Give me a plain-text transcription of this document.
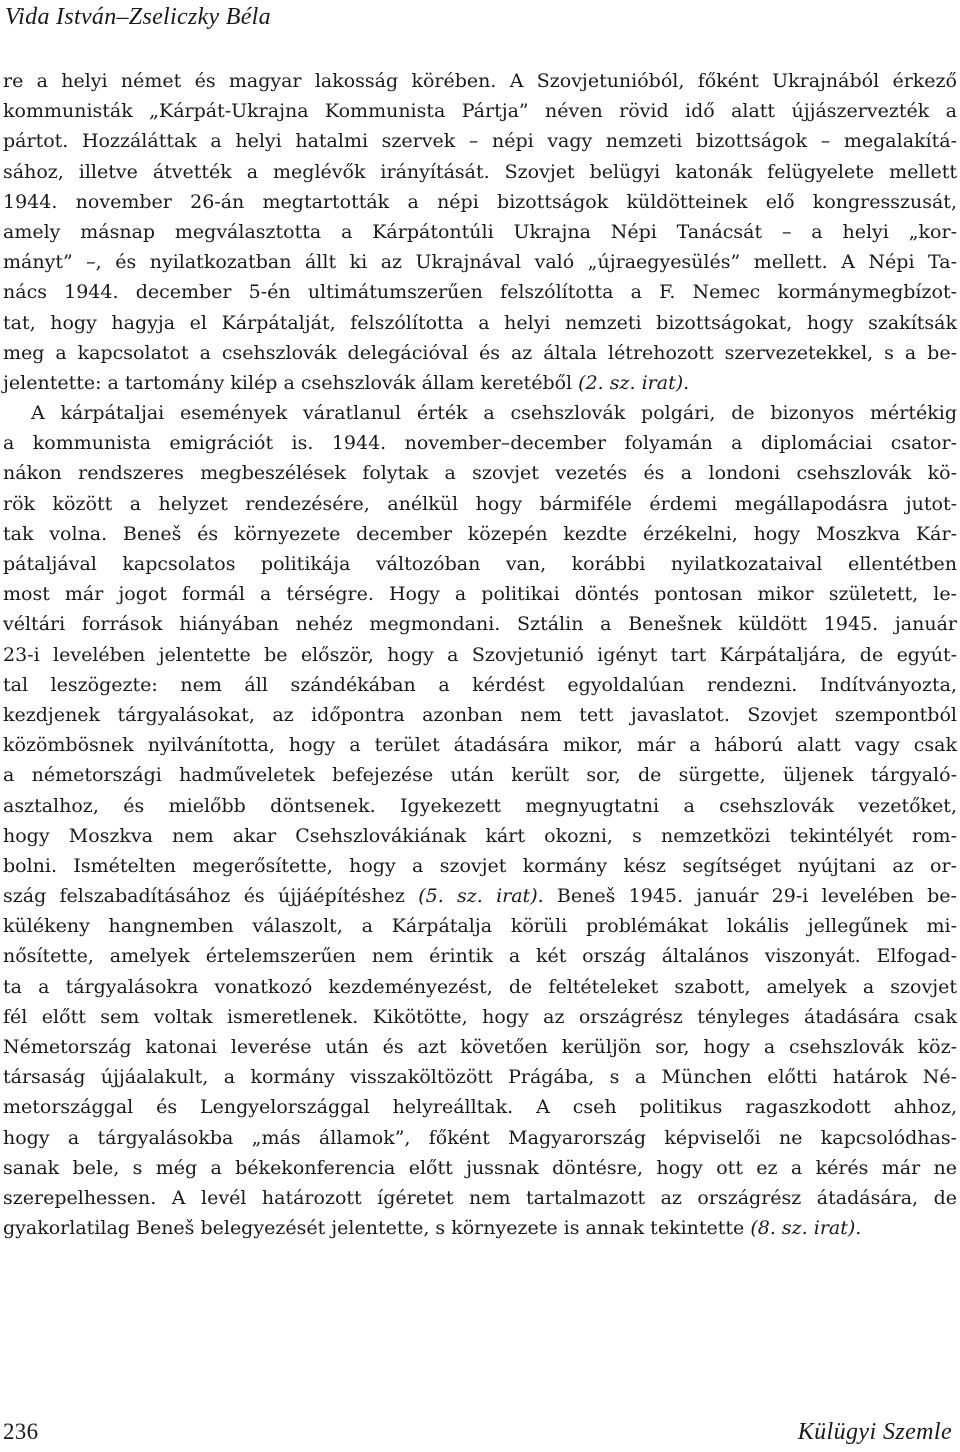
Vida István–Zseliczky Béla
re a helyi német és magyar lakosság körében. A Szovjetunióból, főként Ukrajnából érkező
kommunisták „Kárpát-Ukrajna Kommunista Pártja” néven rövid idő alatt újjászervezték a
pártot. Hozzáláttak a helyi hatalmi szervek – népi vagy nemzeti bizottságok – megalakítá-
sához, illetve átvették a meglévők irányítását. Szovjet belügyi katonák felügyelete mellett
1944. november 26-án megtartották a népi bizottságok küldötteinek elő kongresszusát,
amely másnap megválasztotta a Kárpátontúli Ukrajna Népi Tanácsát – a helyi „kor-
mányt” –, és nyilatkozatban állt ki az Ukrajnával való „újraegyesülés” mellett. A Népi Ta-
nács 1944. december 5-én ultimátumszerűen felszólította a F. Nemec kormánymegbízot-
tat, hogy hagyja el Kárpátalját, felszólította a helyi nemzeti bizottságokat, hogy szakítsák
meg a kapcsolatot a csehszlovák delegációval és az általa létrehozott szervezetekkel, s a be-
jelentette: a tartomány kilép a csehszlovák állam keretéből (2. sz. irat).
A kárpátaljai események váratlanul érték a csehszlovák polgári, de bizonyos mértékig
a kommunista emigrációt is. 1944. november–december folyamán a diplomáciai csator-
nákon rendszeres megbeszélések folytak a szovjet vezetés és a londoni csehszlovák kö-
rök között a helyzet rendezésére, anélkül hogy bármiféle érdemi megállapodásra jutot-
tak volna. Beneš és környezete december közepén kezdte érzékelni, hogy Moszkva Kár-
pátaljával kapcsolatos politikája változóban van, korábbi nyilatkozataival ellentétben
most már jogot formál a térségre. Hogy a politikai döntés pontosan mikor született, le-
véltári források hiányában nehéz megmondani. Sztálin a Benešnek küldött 1945. január
23-i levelében jelentette be először, hogy a Szovjetunió igényt tart Kárpátaljára, de egyút-
tal leszögezte: nem áll szándékában a kérdést egyoldalúan rendezni. Indítványozta,
kezdjenek tárgyalásokat, az időpontra azonban nem tett javaslatot. Szovjet szempontból
közömbösnek nyilvánította, hogy a terület átadására mikor, már a háború alatt vagy csak
a németországi hadműveletek befejezése után került sor, de sürgette, üljenek tárgyaló-
asztalhoz, és mielőbb döntsenek. Igyekezett megnyugtatni a csehszlovák vezetőket,
hogy Moszkva nem akar Csehszlovákiának kárt okozni, s nemzetközi tekintélyét rom-
bolni. Ismételten megerősítette, hogy a szovjet kormány kész segítséget nyújtani az or-
szág felszabadításához és újjáépítéshez (5. sz. irat). Beneš 1945. január 29-i levelében be-
külékeny hangnemben válaszolt, a Kárpátalja körüli problémákat lokális jellegűnek mi-
nősítette, amelyek értelemszerűen nem érintik a két ország általános viszonyát. Elfogad-
ta a tárgyalásokra vonatkozó kezdeményezést, de feltételeket szabott, amelyek a szovjet
fél előtt sem voltak ismeretlenek. Kikötötte, hogy az országrész tényleges átadására csak
Németország katonai leverése után és azt követően kerüljön sor, hogy a csehszlovák köz-
társaság újjáalakult, a kormány visszaköltözött Prágába, s a München előtti határok Né-
metországgal és Lengyelországgal helyreálltak. A cseh politikus ragaszkodott ahhoz,
hogy a tárgyalásokba „más államok”, főként Magyarország képviselői ne kapcsolódhas-
sanak bele, s még a békekonferencia előtt jussnak döntésre, hogy ott ez a kérés már ne
szerepelhessen. A levél határozott ígéretet nem tartalmazott az országrész átadására, de
gyakorlatilag Beneš belegyezését jelentette, s környezete is annak tekintette (8. sz. irat).
236	Külügyi Szemle
